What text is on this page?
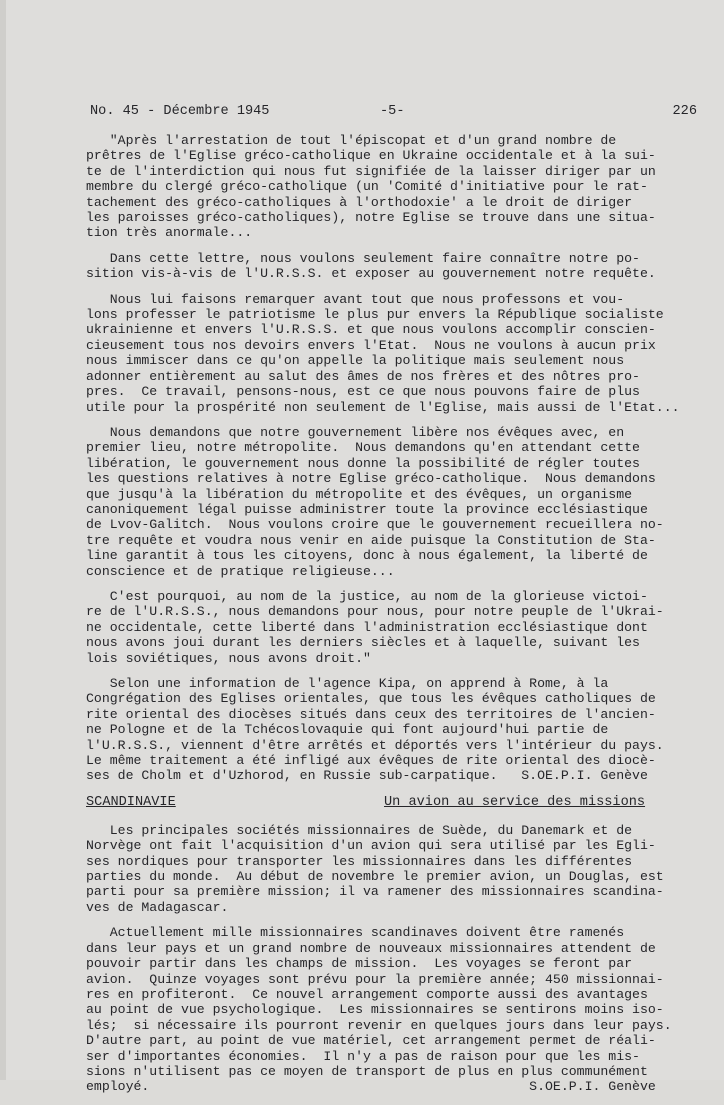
No. 45 - Décembre 1945	-5-	226
"Après l'arrestation de tout l'épiscopat et d'un grand nombre de
prêtres de l'Eglise gréco-catholique en Ukraine occidentale et à la sui-
te de l'interdiction qui nous fut signifiée de la laisser diriger par un
membre du clergé gréco-catholique (un 'Comité d'initiative pour le rat-
tachement des gréco-catholiques à l'orthodoxie' a le droit de diriger
les paroisses gréco-catholiques), notre Eglise se trouve dans une situa-
tion très anormale...
Dans cette lettre, nous voulons seulement faire connaître notre po-
sition vis-à-vis de l'U.R.S.S. et exposer au gouvernement notre requête.
Nous lui faisons remarquer avant tout que nous professons et vou-
lons professer le patriotisme le plus pur envers la République socialiste
ukrainienne et envers l'U.R.S.S. et que nous voulons accomplir conscien-
cieusement tous nos devoirs envers l'Etat.  Nous ne voulons à aucun prix
nous immiscer dans ce qu'on appelle la politique mais seulement nous
adonner entièrement au salut des âmes de nos frères et des nôtres pro-
pres.  Ce travail, pensons-nous, est ce que nous pouvons faire de plus
utile pour la prospérité non seulement de l'Eglise, mais aussi de l'Etat...
Nous demandons que notre gouvernement libère nos évêques avec, en
premier lieu, notre métropolite.  Nous demandons qu'en attendant cette
libération, le gouvernement nous donne la possibilité de régler toutes
les questions relatives à notre Eglise gréco-catholique.  Nous demandons
que jusqu'à la libération du métropolite et des évêques, un organisme
canoniquement légal puisse administrer toute la province ecclésiastique
de Lvov-Galitch.  Nous voulons croire que le gouvernement recueillera no-
tre requête et voudra nous venir en aide puisque la Constitution de Sta-
line garantit à tous les citoyens, donc à nous également, la liberté de
conscience et de pratique religieuse...
C'est pourquoi, au nom de la justice, au nom de la glorieuse victoi-
re de l'U.R.S.S., nous demandons pour nous, pour notre peuple de l'Ukrai-
ne occidentale, cette liberté dans l'administration ecclésiastique dont
nous avons joui durant les derniers siècles et à laquelle, suivant les
lois soviétiques, nous avons droit."
Selon une information de l'agence Kipa, on apprend à Rome, à la
Congrégation des Eglises orientales, que tous les évêques catholiques de
rite oriental des diocèses situés dans ceux des territoires de l'ancien-
ne Pologne et de la Tchécoslovaquie qui font aujourd'hui partie de
l'U.R.S.S., viennent d'être arrêtés et déportés vers l'intérieur du pays.
Le même traitement a été infligé aux évêques de rite oriental des diocè-
ses de Cholm et d'Uzhorod, en Russie sub-carpatique.   S.OE.P.I. Genève
SCANDINAVIE	Un avion au service des missions
Les principales sociétés missionnaires de Suède, du Danemark et de
Norvège ont fait l'acquisition d'un avion qui sera utilisé par les Egli-
ses nordiques pour transporter les missionnaires dans les différentes
parties du monde.  Au début de novembre le premier avion, un Douglas, est
parti pour sa première mission; il va ramener des missionnaires scandina-
ves de Madagascar.
Actuellement mille missionnaires scandinaves doivent être ramenés
dans leur pays et un grand nombre de nouveaux missionnaires attendent de
pouvoir partir dans les champs de mission.  Les voyages se feront par
avion.  Quinze voyages sont prévu pour la première année; 450 missionnai-
res en profiteront.  Ce nouvel arrangement comporte aussi des avantages
au point de vue psychologique.  Les missionnaires se sentirons moins iso-
lés;  si nécessaire ils pourront revenir en quelques jours dans leur pays.
D'autre part, au point de vue matériel, cet arrangement permet de réali-
ser d'importantes économies.  Il n'y a pas de raison pour que les mis-
sions n'utilisent pas ce moyen de transport de plus en plus communément
employé.                                                S.OE.P.I. Genève
